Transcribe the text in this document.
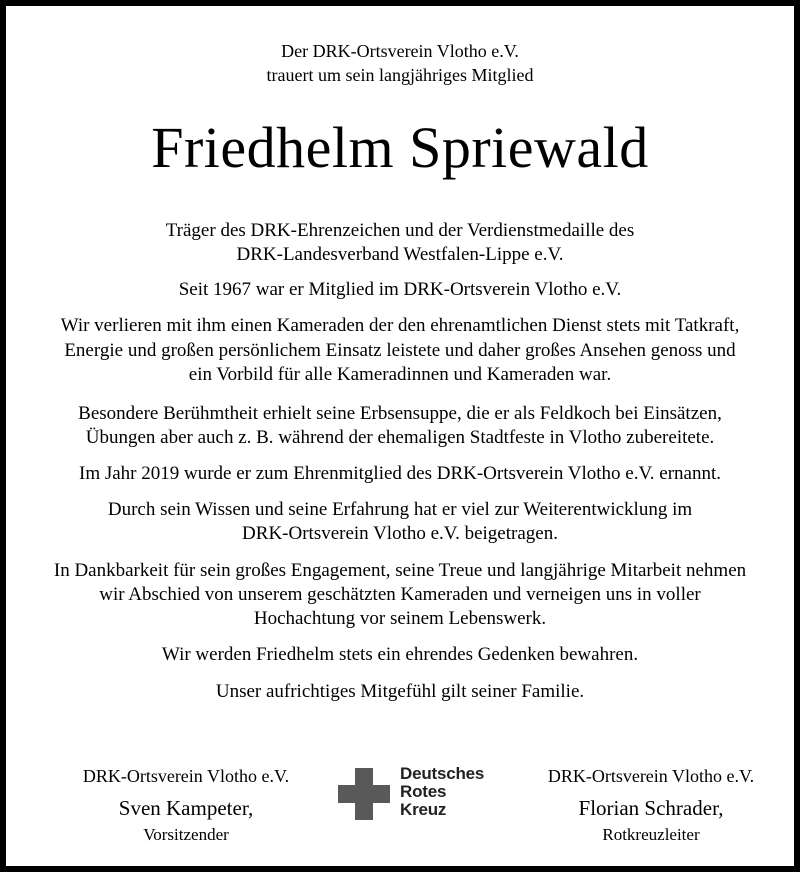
Der DRK-Ortsverein Vlotho e.V.
trauert um sein langjähriges Mitglied
Friedhelm Spriewald
Träger des DRK-Ehrenzeichen und der Verdienstmedaille des
DRK-Landesverband Westfalen-Lippe e.V.
Seit 1967 war er Mitglied im DRK-Ortsverein Vlotho e.V.
Wir verlieren mit ihm einen Kameraden der den ehrenamtlichen Dienst stets mit Tatkraft,
Energie und großen persönlichem Einsatz leistete und daher großes Ansehen genoss und
ein Vorbild für alle Kameradinnen und Kameraden war.
Besondere Berühmtheit erhielt seine Erbsensuppe, die er als Feldkoch bei Einsätzen,
Übungen aber auch z. B. während der ehemaligen Stadtfeste in Vlotho zubereitete.
Im Jahr 2019 wurde er zum Ehrenmitglied des DRK-Ortsverein Vlotho e.V. ernannt.
Durch sein Wissen und seine Erfahrung hat er viel zur Weiterentwicklung im
DRK-Ortsverein Vlotho e.V. beigetragen.
In Dankbarkeit für sein großes Engagement, seine Treue und langjährige Mitarbeit nehmen
wir Abschied von unserem geschätzten Kameraden und verneigen uns in voller
Hochachtung vor seinem Lebenswerk.
Wir werden Friedhelm stets ein ehrendes Gedenken bewahren.
Unser aufrichtiges Mitgefühl gilt seiner Familie.
DRK-Ortsverein Vlotho e.V.
Sven Kampeter,
Vorsitzender
Deutsches
Rotes
Kreuz
DRK-Ortsverein Vlotho e.V.
Florian Schrader,
Rotkreuzleiter
